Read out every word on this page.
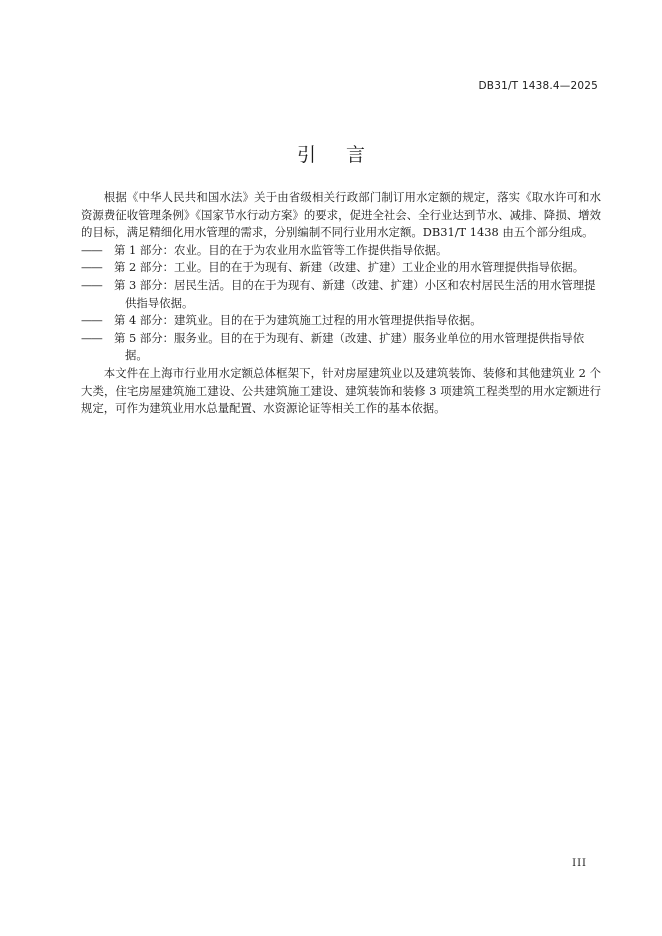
DB31/T 1438.4—2025
引言

根据《中华人民共和国水法》关于由省级相关行政部门制订用水定额的规定，落实《取水许可和水资源费征收管理条例》《国家节水行动方案》的要求，促进全社会、全行业达到节水、减排、降损、增效的目标，满足精细化用水管理的需求，分别编制不同行业用水定额。DB31/T 1438 由五个部分组成。

—— 第 1 部分：农业。目的在于为农业用水监管等工作提供指导依据。

—— 第 2 部分：工业。目的在于为现有、新建（改建、扩建）工业企业的用水管理提供指导依据。

—— 第 3 部分：居民生活。目的在于为现有、新建（改建、扩建）小区和农村居民生活的用水管理提供指导依据。

—— 第 4 部分：建筑业。目的在于为建筑施工过程的用水管理提供指导依据。

—— 第 5 部分：服务业。目的在于为现有、新建（改建、扩建）服务业单位的用水管理提供指导依据。

本文件在上海市行业用水定额总体框架下，针对房屋建筑业以及建筑装饰、装修和其他建筑业 2 个大类，住宅房屋建筑施工建设、公共建筑施工建设、建筑装饰和装修 3 项建筑工程类型的用水定额进行规定，可作为建筑业用水总量配置、水资源论证等相关工作的基本依据。

III
